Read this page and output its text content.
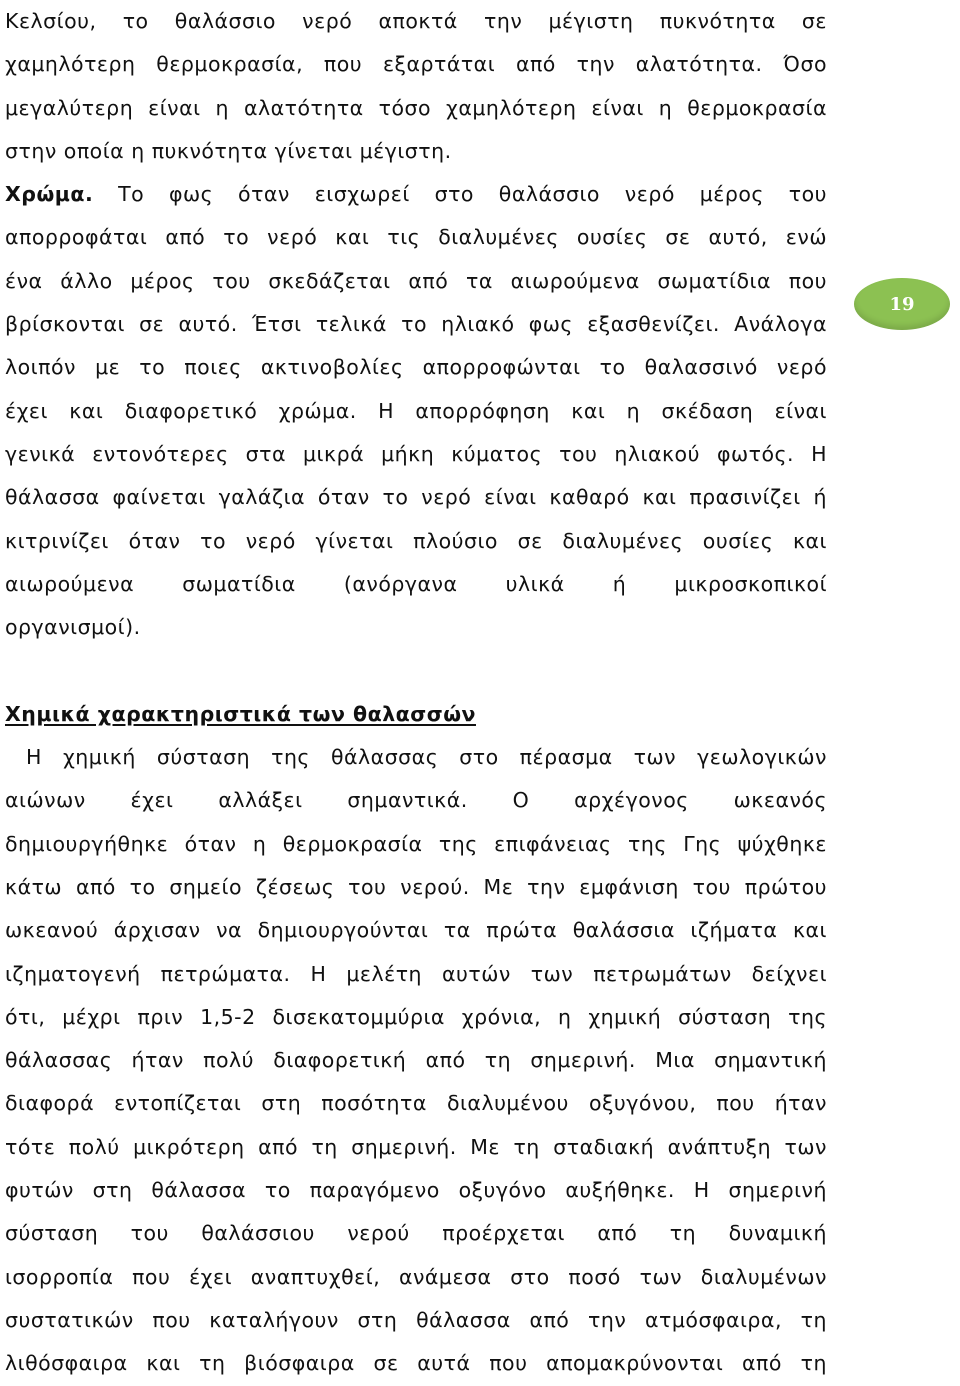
Κελσίου, το θαλάσσιο νερό αποκτά την μέγιστη πυκνότητα σε
χαμηλότερη θερμοκρασία, που εξαρτάται από την αλατότητα. Όσο
μεγαλύτερη είναι η αλατότητα τόσο χαμηλότερη είναι η θερμοκρασία
στην οποία η πυκνότητα γίνεται μέγιστη.
Χρώμα. Το φως όταν εισχωρεί στο θαλάσσιο νερό μέρος του
απορροφάται από το νερό και τις διαλυμένες ουσίες σε αυτό, ενώ
ένα άλλο μέρος του σκεδάζεται από τα αιωρούμενα σωματίδια που
βρίσκονται σε αυτό. Έτσι τελικά το ηλιακό φως εξασθενίζει. Ανάλογα
λοιπόν με το ποιες ακτινοβολίες απορροφώνται το θαλασσινό νερό
έχει και διαφορετικό χρώμα. Η απορρόφηση και η σκέδαση είναι
γενικά εντονότερες στα μικρά μήκη κύματος του ηλιακού φωτός. Η
θάλασσα φαίνεται γαλάζια όταν το νερό είναι καθαρό και πρασινίζει ή
κιτρινίζει όταν το νερό γίνεται πλούσιο σε διαλυμένες ουσίες και
αιωρούμενα σωματίδια (ανόργανα υλικά ή μικροσκοπικοί
οργανισμοί).
Χημικά χαρακτηριστικά των θαλασσών
Η χημική σύσταση της θάλασσας στο πέρασμα των γεωλογικών
αιώνων έχει αλλάξει σημαντικά. Ο αρχέγονος ωκεανός
δημιουργήθηκε όταν η θερμοκρασία της επιφάνειας της Γης ψύχθηκε
κάτω από το σημείο ζέσεως του νερού. Με την εμφάνιση του πρώτου
ωκεανού άρχισαν να δημιουργούνται τα πρώτα θαλάσσια ιζήματα και
ιζηματογενή πετρώματα. Η μελέτη αυτών των πετρωμάτων δείχνει
ότι, μέχρι πριν 1,5-2 δισεκατομμύρια χρόνια, η χημική σύσταση της
θάλασσας ήταν πολύ διαφορετική από τη σημερινή. Μια σημαντική
διαφορά εντοπίζεται στη ποσότητα διαλυμένου οξυγόνου, που ήταν
τότε πολύ μικρότερη από τη σημερινή. Με τη σταδιακή ανάπτυξη των
φυτών στη θάλασσα το παραγόμενο οξυγόνο αυξήθηκε. Η σημερινή
σύσταση του θαλάσσιου νερού προέρχεται από τη δυναμική
ισορροπία που έχει αναπτυχθεί, ανάμεσα στο ποσό των διαλυμένων
συστατικών που καταλήγουν στη θάλασσα από την ατμόσφαιρα, τη
λιθόσφαιρα και τη βιόσφαιρα σε αυτά που απομακρύνονται από τη
19
